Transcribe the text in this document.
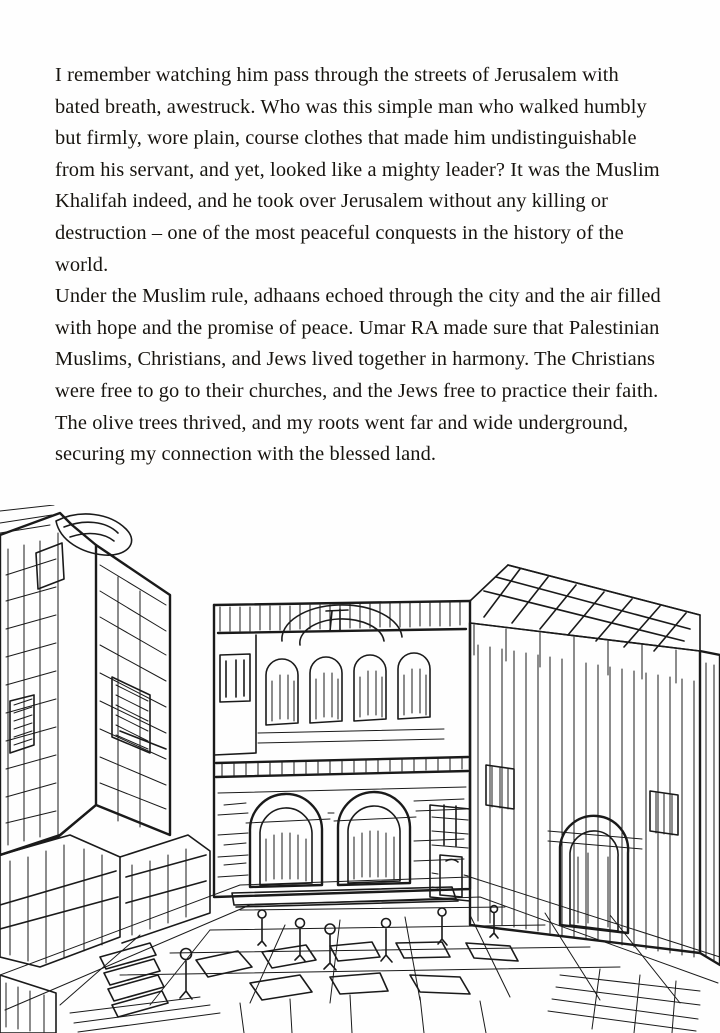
I remember watching him pass through the streets of Jerusalem with bated breath, awestruck. Who was this simple man who walked humbly but firmly, wore plain, course clothes that made him undistinguishable from his servant, and yet, looked like a mighty leader? It was the Muslim Khalifah indeed, and he took over Jerusalem without any killing or destruction – one of the most peaceful conquests in the history of the world.

Under the Muslim rule, adhaans echoed through the city and the air filled with hope and the promise of peace. Umar RA made sure that Palestinian Muslims, Christians, and Jews lived together in harmony. The Christians were free to go to their churches, and the Jews free to practice their faith. The olive trees thrived, and my roots went far and wide underground, securing my connection with the blessed land.
